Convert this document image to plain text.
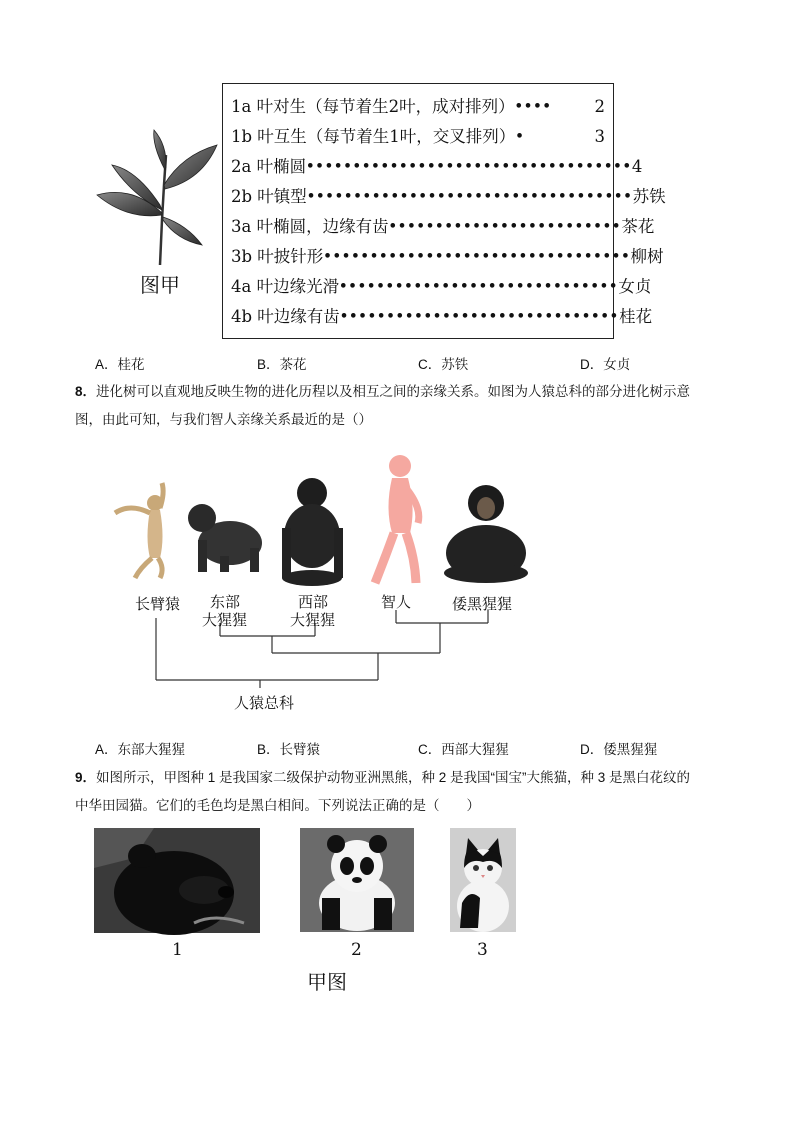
图甲
1a 叶对生（每节着生2叶，成对排列） ••••	2
1b 叶互生（每节着生1叶，交叉排列） •	3
2a 叶椭圆 ••••••••••••••••••••••••••••••••••• 4
2b 叶镇型 ••••••••••••••••••••••••••••••••••• 苏铁
3a 叶椭圆，边缘有齿 ••••••••••••••••••••••••• 茶花
3b 叶披针形 ••••••••••••••••••••••••••••••••• 柳树
4a 叶边缘光滑 •••••••••••••••••••••••••••••• 女贞
4b 叶边缘有齿 •••••••••••••••••••••••••••••• 桂花
A．桂花	B．茶花	C．苏铁	D．女贞
8．进化树可以直观地反映生物的进化历程以及相互之间的亲缘关系。如图为人猿总科的部分进化树示意
图，由此可知，与我们智人亲缘关系最近的是（）
长臂猿 东部
大猩猩
西部
大猩猩
智人	倭黑猩猩
人猿总科
A．东部大猩猩	B．长臂猿	C．西部大猩猩	D．倭黑猩猩
9．如图所示，甲图种 1 是我国家二级保护动物亚洲黑熊，种 2 是我国“国宝”大熊猫，种 3 是黑白花纹的
中华田园猫。它们的毛色均是黑白相间。下列说法正确的是（　　）
1	2	3
甲图
